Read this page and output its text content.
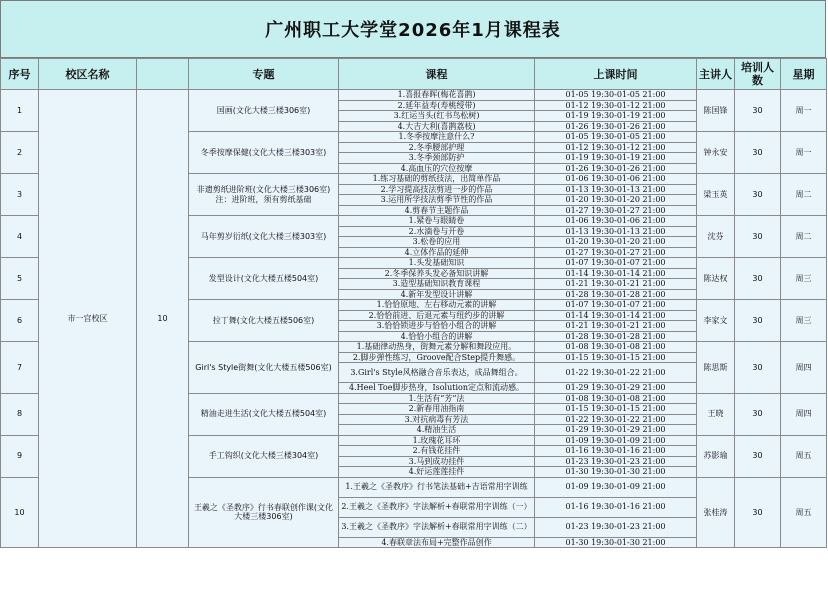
广州职工大学堂2026年1月课程表
序号	校区名称		专题	课程	上课时间	主讲人	培训人数	星期
1	市一宫校区	10	国画(文化大楼三楼306室)	1.喜报春晖(梅花喜鹊)	01-05 19:30-01-05 21:00	陈国锋	30	周一
				2.延年益寿(寿桃绶带)	01-12 19:30-01-12 21:00			
				3.红运当头(红书鸟松树)	01-19 19:30-01-19 21:00			
				4.大吉大利(喜鹊荔枝)	01-26 19:30-01-26 21:00			
2			冬季按摩保健(文化大楼三楼303室)	1.冬季按摩注意什么?	01-05 19:30-01-05 21:00	钟永安	30	周一
				2.冬季腰部护理	01-12 19:30-01-12 21:00			
				3.冬季颈部防护	01-19 19:30-01-19 21:00			
				4.高血压的穴位按摩	01-26 19:30-01-26 21:00			
3			非遗剪纸进阶班(文化大楼三楼306室)注：进阶班，须有剪纸基础	1.练习基础的剪纸技法，出简单作品	01-06 19:30-01-06 21:00	梁玉英	30	周二
				2.学习提高技法剪进一步的作品	01-13 19:30-01-13 21:00			
				3.运用所学技法剪季节性的作品	01-20 19:30-01-20 21:00			
				4.剪春节主题作品	01-27 19:30-01-27 21:00			
4			马年剪岁衍纸(文化大楼三楼303室)	1.紧卷与眼睛卷	01-06 19:30-01-06 21:00	沈芬	30	周二
				2.水滴卷与开卷	01-13 19:30-01-13 21:00			
				3.松卷的应用	01-20 19:30-01-20 21:00			
				4.立体作品的延伸	01-27 19:30-01-27 21:00			
5			发型设计(文化大楼五楼504室)	1.头发基础知识	01-07 19:30-01-07 21:00	陈达权	30	周三
				2.冬季保养头发必备知识讲解	01-14 19:30-01-14 21:00			
				3.造型基础知识教育课程	01-21 19:30-01-21 21:00			
				4.新年发型设计讲解	01-28 19:30-01-28 21:00			
6			拉丁舞(文化大楼五楼506室)	1.恰恰原地、左右移动元素的讲解	01-07 19:30-01-07 21:00	李家文	30	周三
				2.恰恰前进、后退元素与纽约步的讲解	01-14 19:30-01-14 21:00			
				3.恰恰锁进步与恰恰小组合的讲解	01-21 19:30-01-21 21:00			
				4.恰恰小组合的讲解	01-28 19:30-01-28 21:00			
7			Girl's Style街舞(文化大楼五楼506室)	1.基础律动热身，街舞元素分解和舞段应用。	01-08 19:30-01-08 21:00	陈思斯	30	周四
				2.脚步弹性练习，Groove配合Step提升舞感。	01-15 19:30-01-15 21:00			
				3.Girl's Style风格融合音乐表达，成品舞组合。	01-22 19:30-01-22 21:00			
				4.Heel Toe脚步热身，Isolution定点和流动感。	01-29 19:30-01-29 21:00			
8			精油走进生活(文化大楼五楼504室)	1.生活有“芳”法	01-08 19:30-01-08 21:00	王晓	30	周四
				2.新春用油指南	01-15 19:30-01-15 21:00			
				3.对抗病毒有芳法	01-22 19:30-01-22 21:00			
				4.精油生活	01-29 19:30-01-29 21:00			
9			手工钩织(文化大楼三楼304室)	1.玫瑰花耳环	01-09 19:30-01-09 21:00	苏影瑜	30	周五
				2.有钱花挂件	01-16 19:30-01-16 21:00			
				3.马到成功挂件	01-23 19:30-01-23 21:00			
				4.好运莲莲挂件	01-30 19:30-01-30 21:00			
10			王羲之《圣教序》行书春联创作课(文化大楼三楼306室)	1.王羲之《圣教序》行书笔法基础+吉语常用字训练	01-09 19:30-01-09 21:00	张桂涛	30	周五
				2.王羲之《圣教序》字法解析+春联常用字训练（一）	01-16 19:30-01-16 21:00			
				3.王羲之《圣教序》字法解析+春联常用字训练（二）	01-23 19:30-01-23 21:00			
				4.春联章法布局+完整作品创作	01-30 19:30-01-30 21:00			
